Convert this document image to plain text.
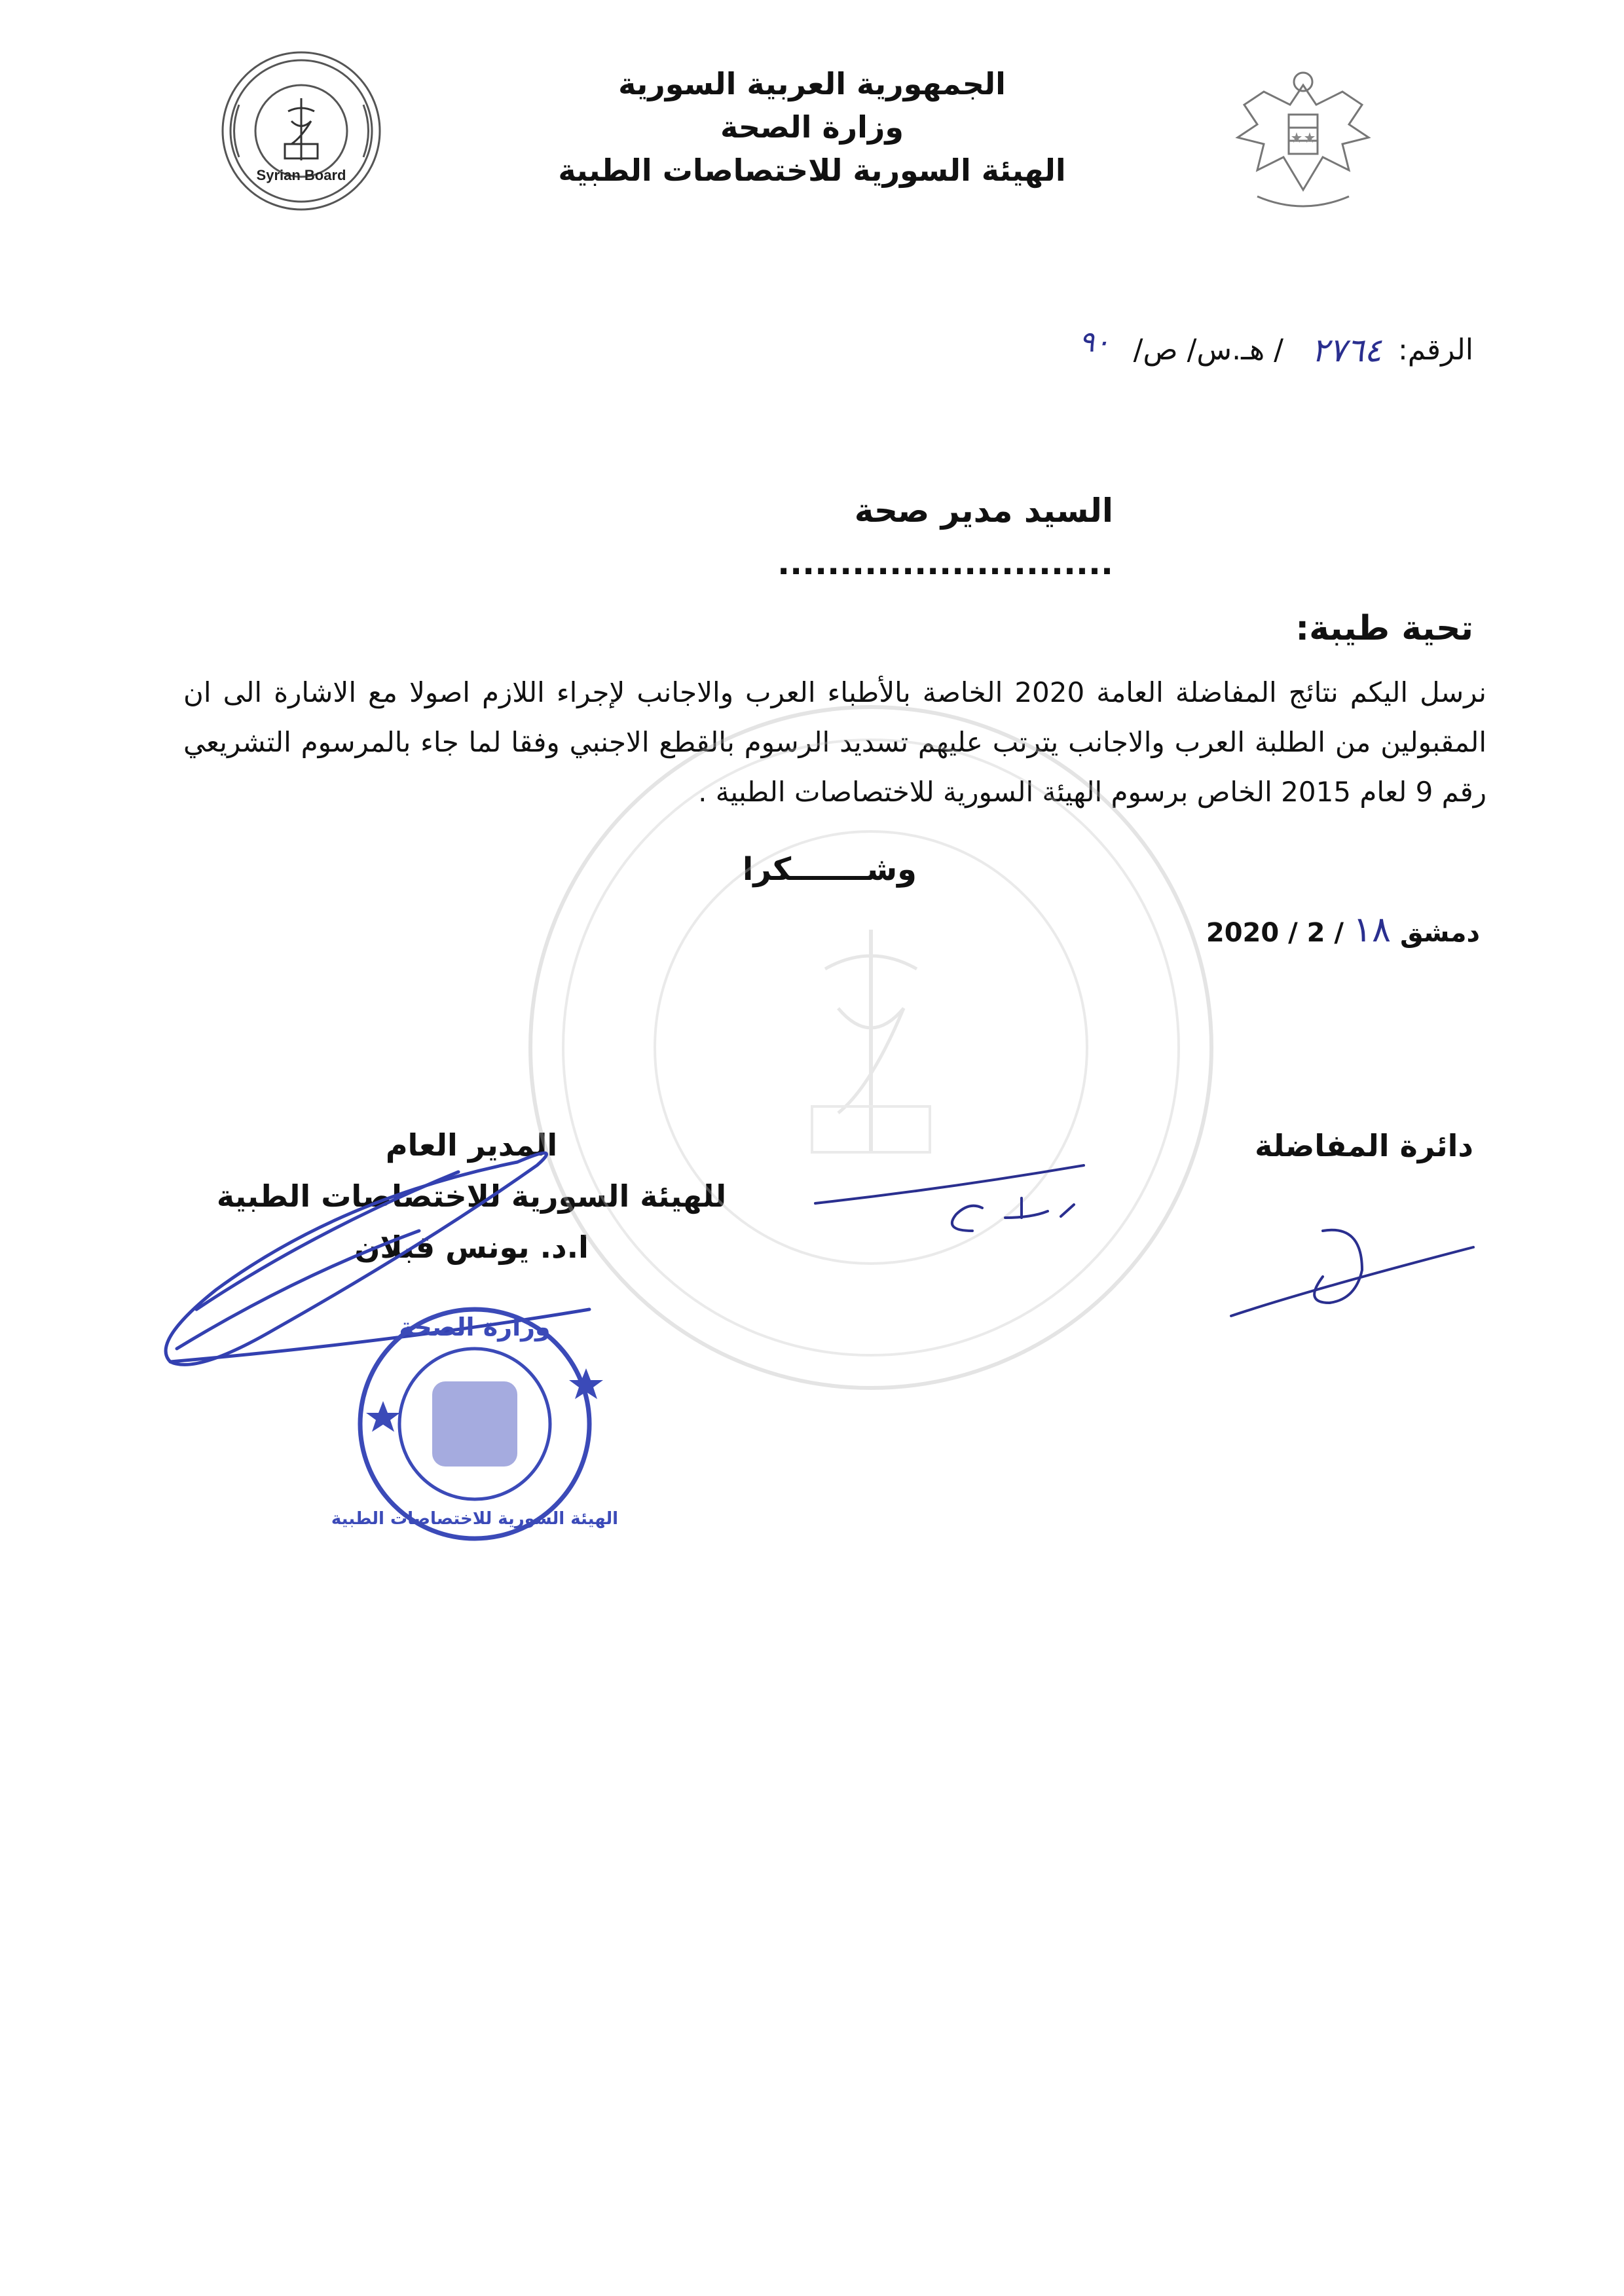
الجمهورية العربية السورية
وزارة الصحة
الهيئة السورية للاختصاصات الطبية
Syrian Board
الرقم:
٢٧٦٤
/ هـ.س/ ص/
٩٠
السيد مدير صحة ...........................
تحية طيبة:
نرسل اليكم نتائج المفاضلة العامة 2020 الخاصة بالأطباء العرب والاجانب لإجراء اللازم اصولا مع الاشارة الى ان المقبولين من الطلبة العرب والاجانب يترتب عليهم تسديد الرسوم بالقطع الاجنبي وفقا لما جاء بالمرسوم التشريعي رقم 9 لعام 2015 الخاص برسوم الهيئة السورية للاختصاصات الطبية .
وشـــــــكرا
دمشق ١٨ / 2 / 2020
دائرة المفاضلة
المدير العام
للهيئة السورية للاختصاصات الطبية
ا.د. يونس قبلان
وزارة الصحة
الهيئة السورية للاختصاصات الطبية
